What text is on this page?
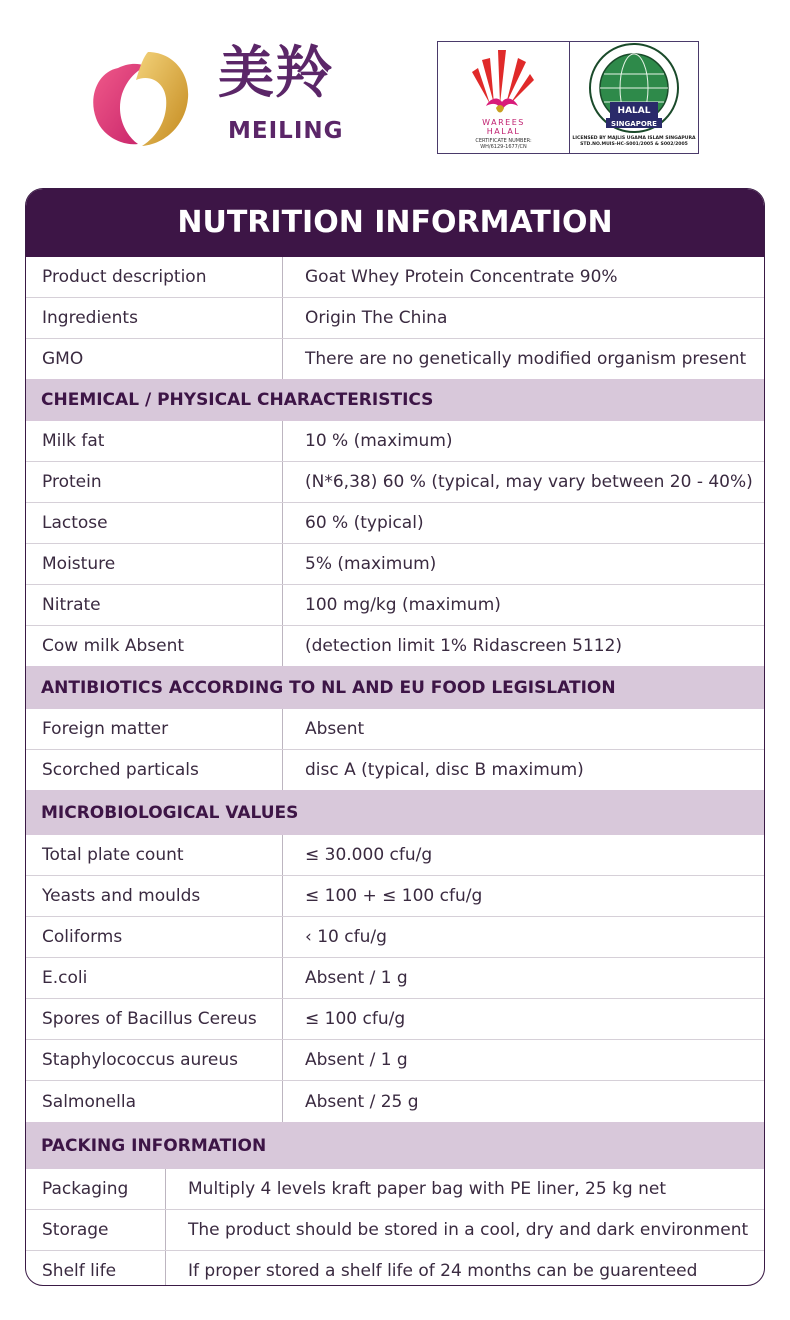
美羚
MEILING	WAREES
HALAL
CERTIFICATE NUMBER:
WH/6129-1677/CN
HALAL
SINGAPORE
LICENSED BY MAJLIS UGAMA ISLAM SINGAPURA
STD.NO.MUIS-HC-S001/2005 & S002/2005
NUTRITION INFORMATION
Product description	Goat Whey Protein Concentrate 90%
Ingredients	Origin The China
GMO	There are no genetically modified organism present
CHEMICAL / PHYSICAL CHARACTERISTICS
Milk fat	10 % (maximum)
Protein	(N*6,38) 60 % (typical, may vary between 20 - 40%)
Lactose	60 % (typical)
Moisture	5% (maximum)
Nitrate	100 mg/kg (maximum)
Cow milk Absent	(detection limit 1% Ridascreen 5112)
ANTIBIOTICS ACCORDING TO NL AND EU FOOD LEGISLATION
Foreign matter	Absent
Scorched particals	disc A (typical, disc B maximum)
MICROBIOLOGICAL VALUES
Total plate count	≤ 30.000 cfu/g
Yeasts and moulds	≤ 100 + ≤ 100 cfu/g
Coliforms	‹ 10 cfu/g
E.coli	Absent / 1 g
Spores of Bacillus Cereus	≤ 100 cfu/g
Staphylococcus aureus	Absent / 1 g
Salmonella	Absent / 25 g
PACKING INFORMATION
Packaging	Multiply 4 levels kraft paper bag with PE liner, 25 kg net
Storage	The product should be stored in a cool, dry and dark environment
Shelf life	If proper stored a shelf life of 24 months can be guarenteed
